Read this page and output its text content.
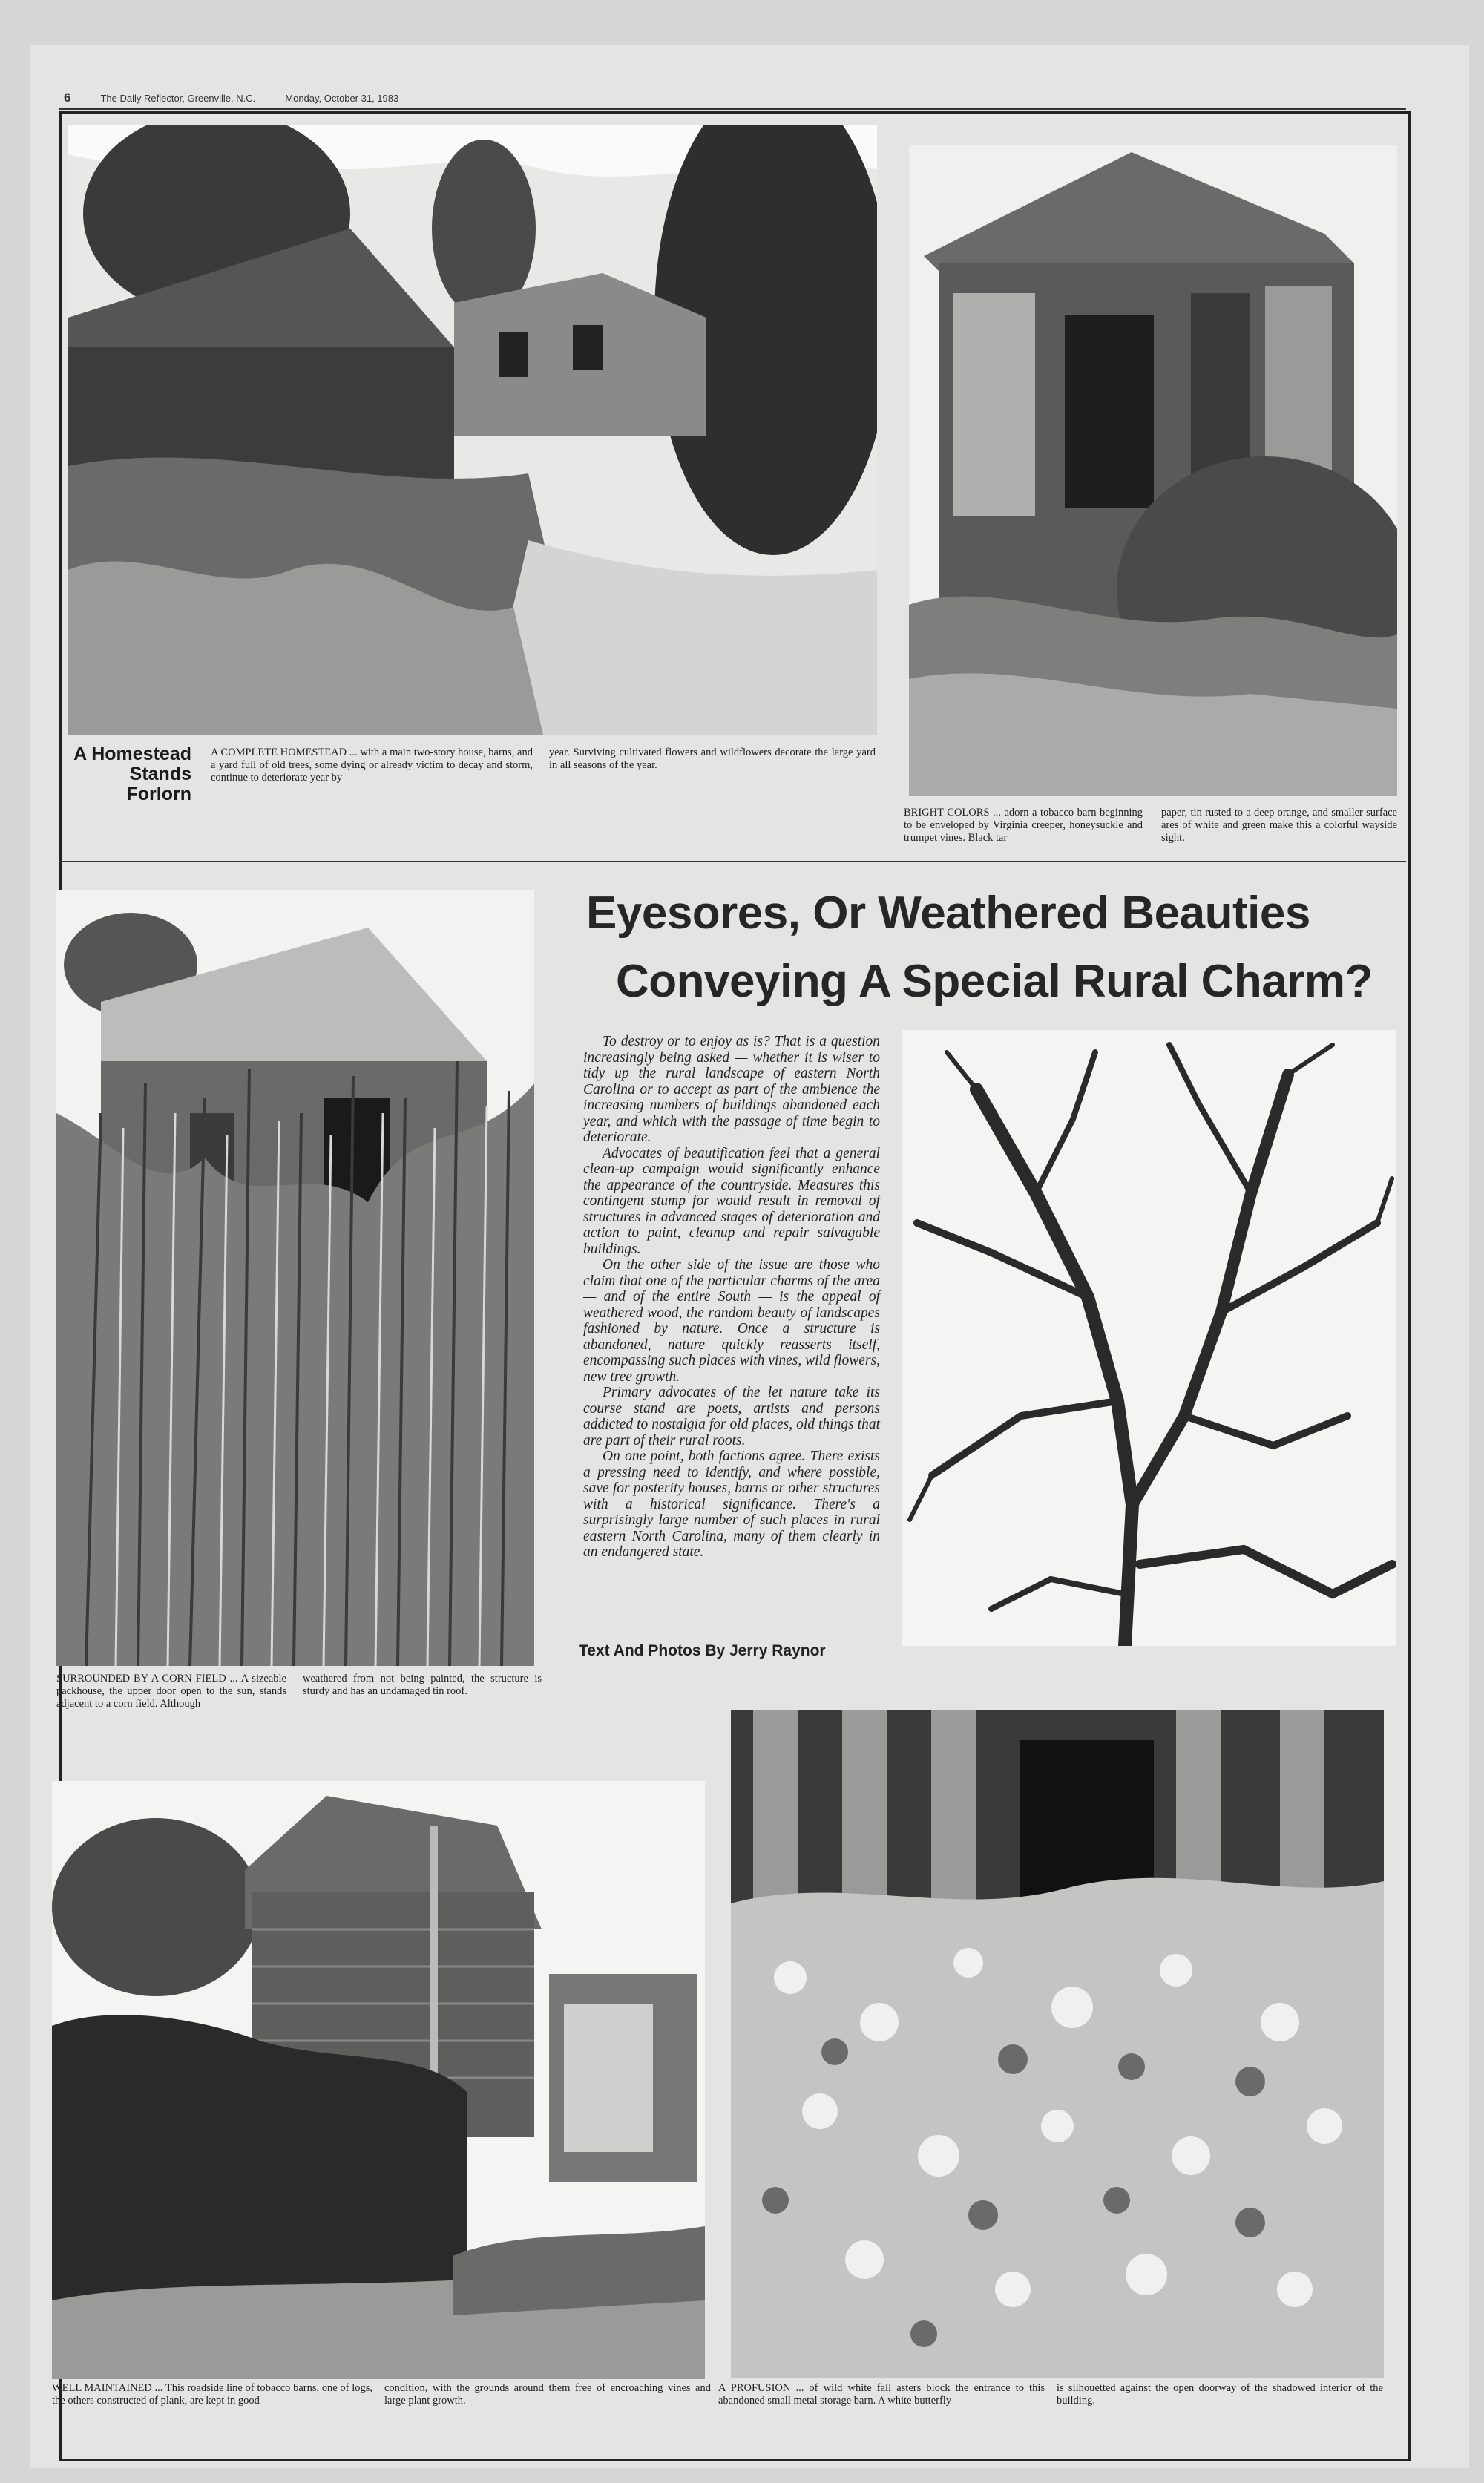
6	The Daily Reflector, Greenville, N.C.	Monday, October 31, 1983
A Homestead
Stands Forlorn
A COMPLETE HOMESTEAD ... with a main two-story house, barns, and a yard full of old trees, some dying or already victim to decay and storm, continue to deteriorate year by
year. Surviving cultivated flowers and wildflowers decorate the large yard in all seasons of the year.
BRIGHT COLORS ... adorn a tobacco barn beginning to be enveloped by Virginia creeper, honeysuckle and trumpet vines. Black tar
paper, tin rusted to a deep orange, and smaller surface ares of white and green make this a colorful wayside sight.
Eyesores, Or Weathered Beauties
Conveying A Special Rural Charm?

To destroy or to enjoy as is? That is a question increasingly being asked — whether it is wiser to tidy up the rural landscape of eastern North Carolina or to accept as part of the ambience the increasing numbers of buildings abandoned each year, and which with the passage of time begin to deteriorate.

Advocates of beautification feel that a general clean-up campaign would significantly enhance the appearance of the countryside. Measures this contingent stump for would result in removal of structures in advanced stages of deterioration and action to paint, cleanup and repair salvagable buildings.

On the other side of the issue are those who claim that one of the particular charms of the area — and of the entire South — is the appeal of weathered wood, the random beauty of landscapes fashioned by nature. Once a structure is abandoned, nature quickly reasserts itself, encompassing such places with vines, wild flowers, new tree growth.

Primary advocates of the let nature take its course stand are poets, artists and persons addicted to nostalgia for old places, old things that are part of their rural roots.

On one point, both factions agree. There exists a pressing need to identify, and where possible, save for posterity houses, barns or other structures with a historical significance. There's a surprisingly large number of such places in rural eastern North Carolina, many of them clearly in an endangered state.

Text And Photos By Jerry Raynor
SURROUNDED BY A CORN FIELD ... A sizeable packhouse, the upper door open to the sun, stands adjacent to a corn field. Although
weathered from not being painted, the structure is sturdy and has an undamaged tin roof.
WELL MAINTAINED ... This roadside line of tobacco barns, one of logs, the others constructed of plank, are kept in good
condition, with the grounds around them free of encroaching vines and large plant growth.
A PROFUSION ... of wild white fall asters block the entrance to this abandoned small metal storage barn. A white butterfly
is silhouetted against the open doorway of the shadowed interior of the building.
